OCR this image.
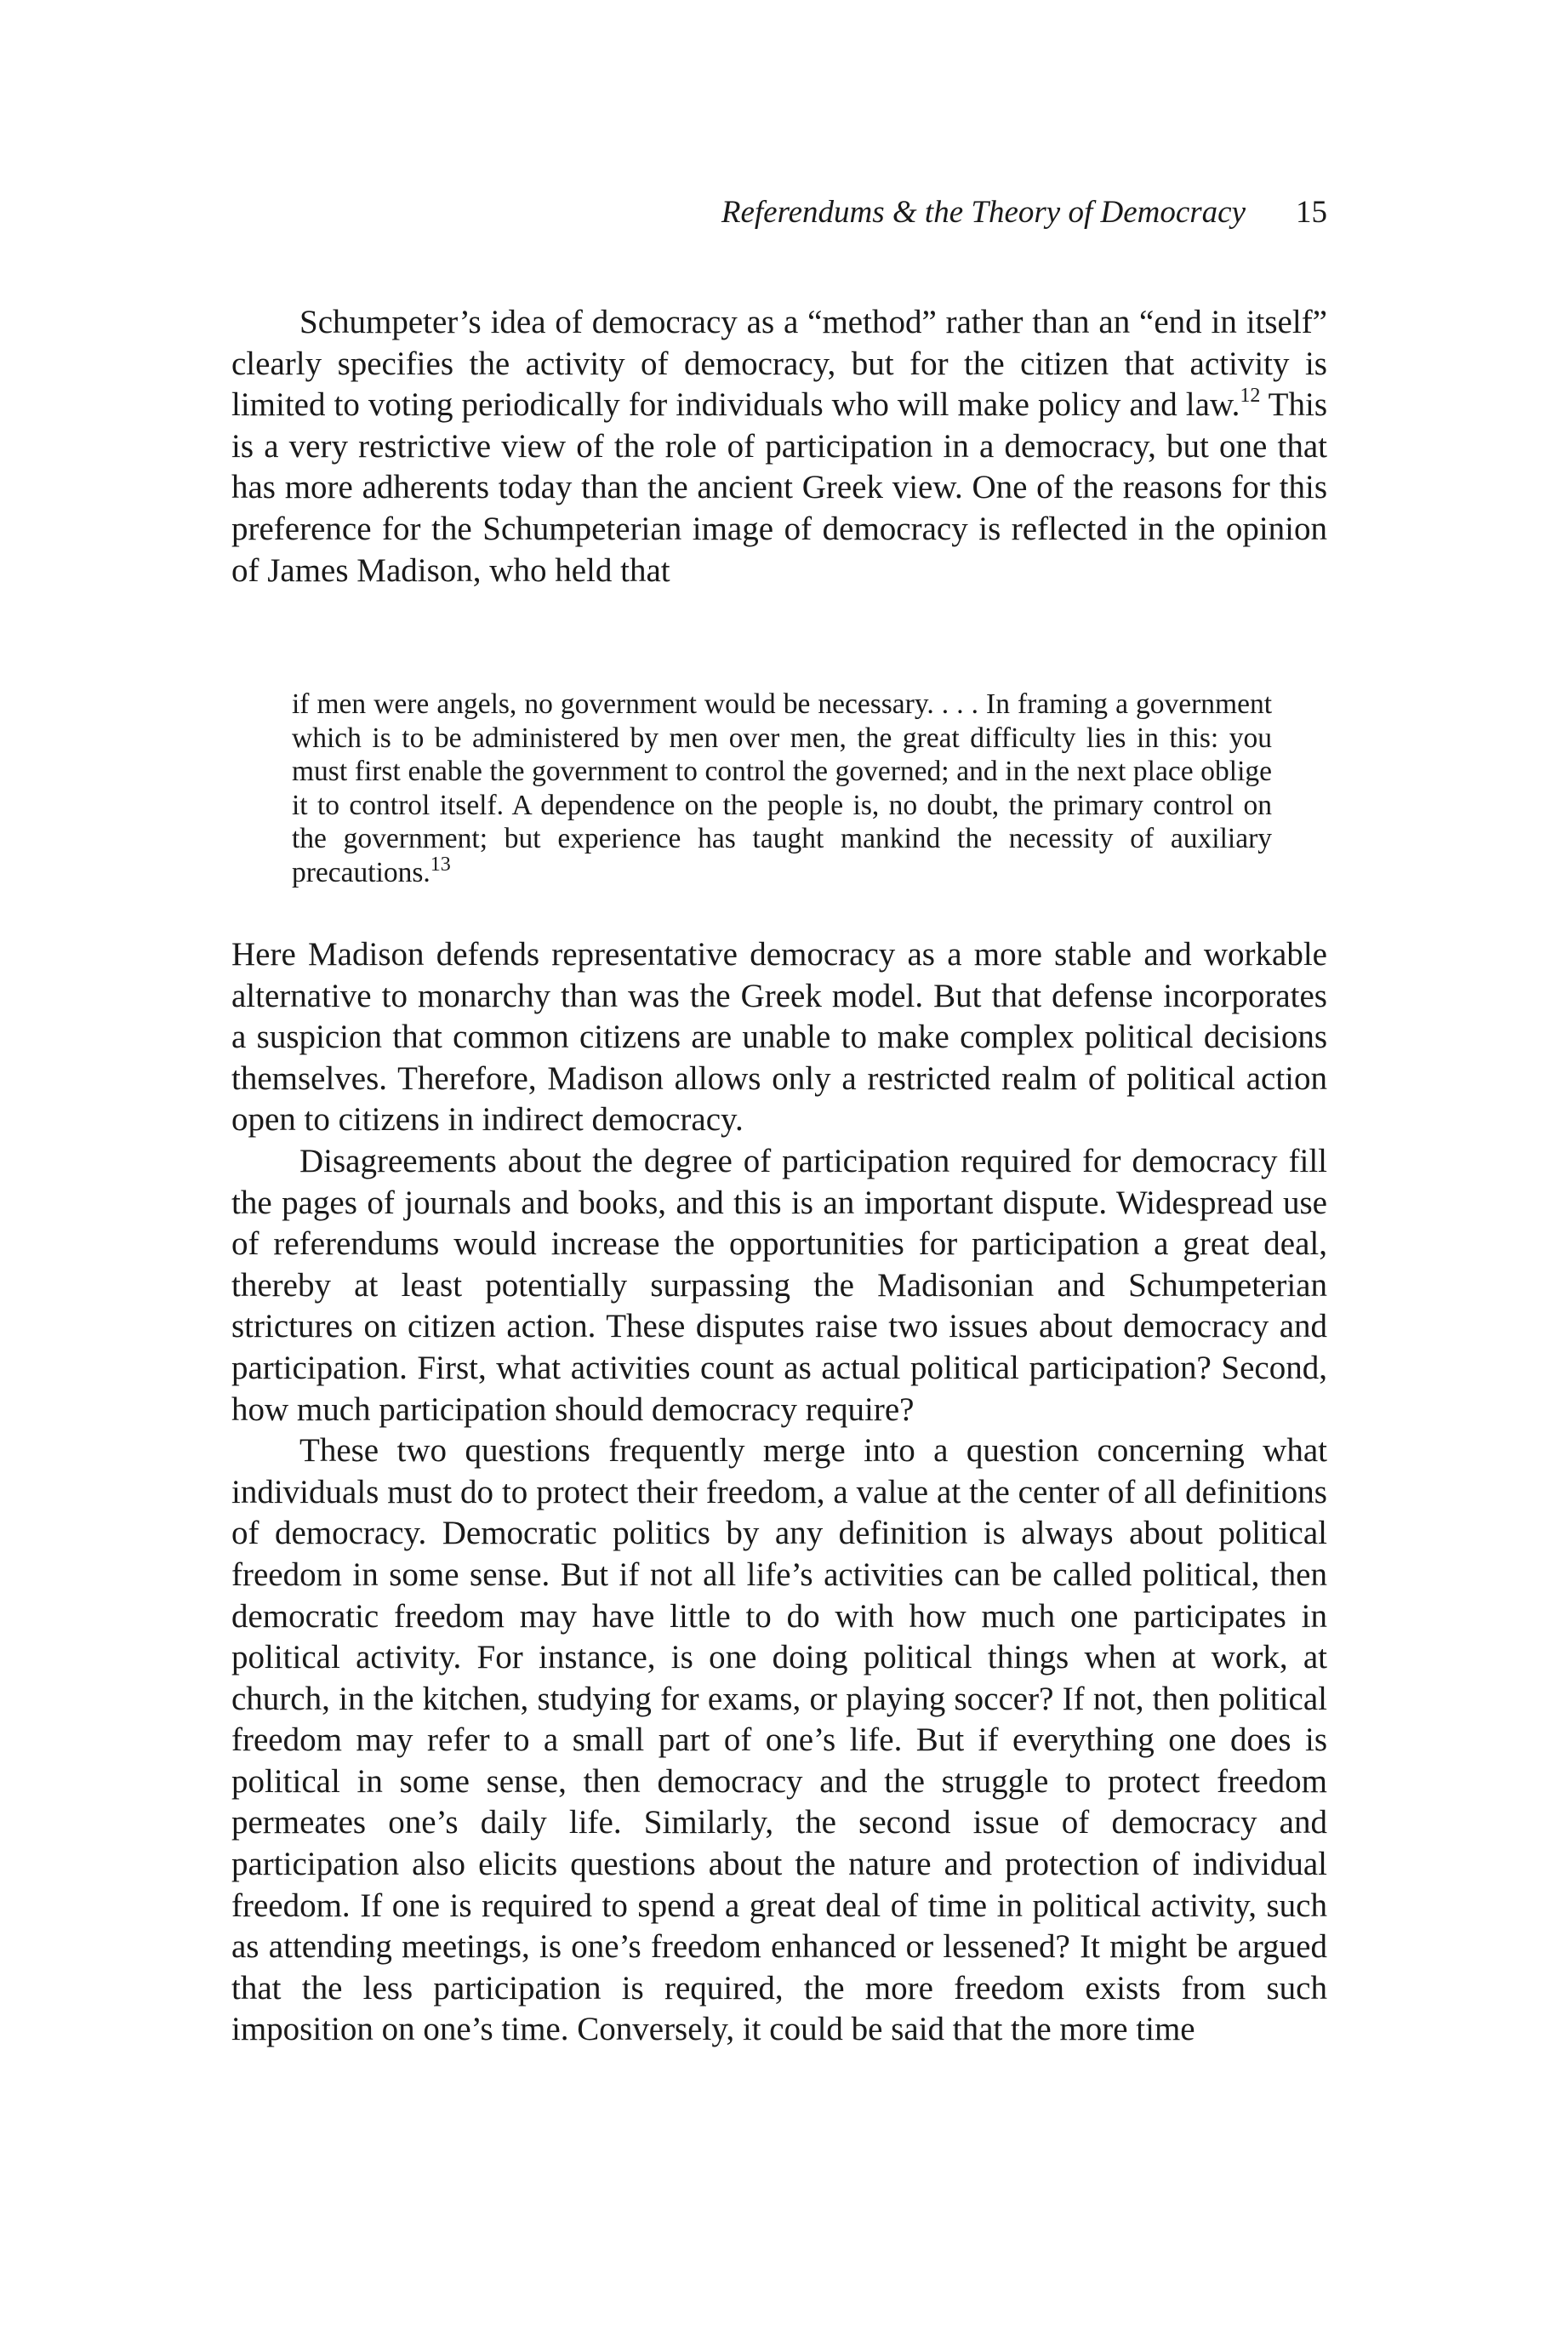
Referendums & the Theory of Democracy 15

Schumpeter’s idea of democracy as a “method” rather than an “end in itself” clearly specifies the activity of democracy, but for the citizen that activity is limited to voting periodically for individuals who will make policy and law.$^{12}$ This is a very restrictive view of the role of participation in a democracy, but one that has more adherents today than the ancient Greek view. One of the reasons for this preference for the Schumpeterian image of democracy is reflected in the opinion of James Madison, who held that

if men were angels, no government would be necessary. . . . In framing a government which is to be administered by men over men, the great difficulty lies in this: you must first enable the government to control the governed; and in the next place oblige it to control itself. A dependence on the people is, no doubt, the primary control on the government; but experience has taught mankind the necessity of auxiliary precautions.$^{13}$

Here Madison defends representative democracy as a more stable and workable alternative to monarchy than was the Greek model. But that defense incorporates a suspicion that common citizens are unable to make complex political decisions themselves. Therefore, Madison allows only a restricted realm of political action open to citizens in indirect democracy.

Disagreements about the degree of participation required for democracy fill the pages of journals and books, and this is an important dispute. Widespread use of referendums would increase the opportunities for participation a great deal, thereby at least potentially surpassing the Madisonian and Schumpeterian strictures on citizen action. These disputes raise two issues about democracy and participation. First, what activities count as actual political participation? Second, how much participation should democracy require?

These two questions frequently merge into a question concerning what individuals must do to protect their freedom, a value at the center of all definitions of democracy. Democratic politics by any definition is always about political freedom in some sense. But if not all life’s activities can be called political, then democratic freedom may have little to do with how much one participates in political activity. For instance, is one doing political things when at work, at church, in the kitchen, studying for exams, or playing soccer? If not, then political freedom may refer to a small part of one’s life. But if everything one does is political in some sense, then democracy and the struggle to protect freedom permeates one’s daily life. Similarly, the second issue of democracy and participation also elicits questions about the nature and protection of individual freedom. If one is required to spend a great deal of time in political activity, such as attending meetings, is one’s freedom enhanced or lessened? It might be argued that the less participation is required, the more freedom exists from such imposition on one’s time. Conversely, it could be said that the more time
